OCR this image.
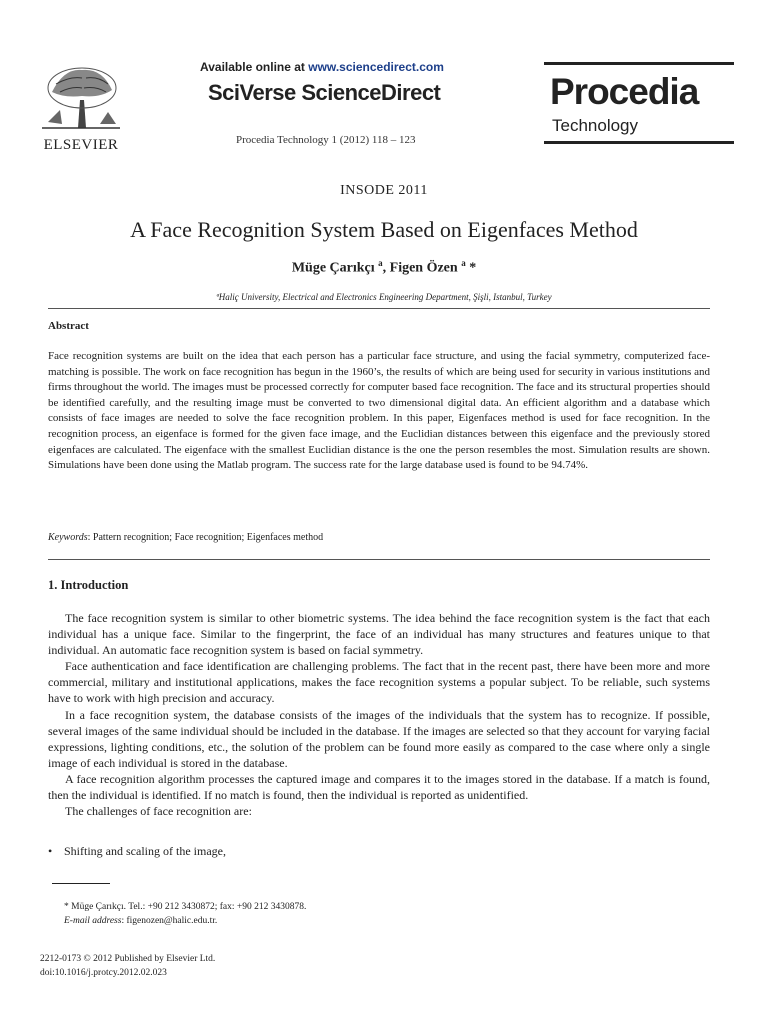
ELSEVIER
Available online at www.sciencedirect.com
SciVerse ScienceDirect
Procedia Technology 1 (2012) 118 – 123
Procedia
Technology
INSODE 2011
A Face Recognition System Based on Eigenfaces Method
Müge Çarıkçı $^a$, Figen Özen $^a$ *
ªHaliç University, Electrical and Electronics Engineering Department, Şişli, Istanbul, Turkey
Abstract
Face recognition systems are built on the idea that each person has a particular face structure, and using the facial symmetry, computerized face-matching is possible. The work on face recognition has begun in the 1960’s, the results of which are being used for security in various institutions and firms throughout the world. The images must be processed correctly for computer based face recognition. The face and its structural properties should be identified carefully, and the resulting image must be converted to two dimensional digital data. An efficient algorithm and a database which consists of face images are needed to solve the face recognition problem. In this paper, Eigenfaces method is used for face recognition. In the recognition process, an eigenface is formed for the given face image, and the Euclidian distances between this eigenface and the previously stored eigenfaces are calculated. The eigenface with the smallest Euclidian distance is the one the person resembles the most. Simulation results are shown. Simulations have been done using the Matlab program. The success rate for the large database used is found to be 94.74%.
Keywords: Pattern recognition; Face recognition; Eigenfaces method
1. Introduction

The face recognition system is similar to other biometric systems. The idea behind the face recognition system is the fact that each individual has a unique face. Similar to the fingerprint, the face of an individual has many structures and features unique to that individual. An automatic face recognition system is based on facial symmetry.

Face authentication and face identification are challenging problems. The fact that in the recent past, there have been more and more commercial, military and institutional applications, makes the face recognition systems a popular subject. To be reliable, such systems have to work with high precision and accuracy.

In a face recognition system, the database consists of the images of the individuals that the system has to recognize. If possible, several images of the same individual should be included in the database. If the images are selected so that they account for varying facial expressions, lighting conditions, etc., the solution of the problem can be found more easily as compared to the case where only a single image of each individual is stored in the database.

A face recognition algorithm processes the captured image and compares it to the images stored in the database. If a match is found, then the individual is identified. If no match is found, then the individual is reported as unidentified.

The challenges of face recognition are:

• Shifting and scaling of the image,
* Müge Çarıkçı. Tel.: +90 212 3430872; fax: +90 212 3430878.
E-mail address: figenozen@halic.edu.tr.
2212-0173 © 2012 Published by Elsevier Ltd.
doi:10.1016/j.protcy.2012.02.023
